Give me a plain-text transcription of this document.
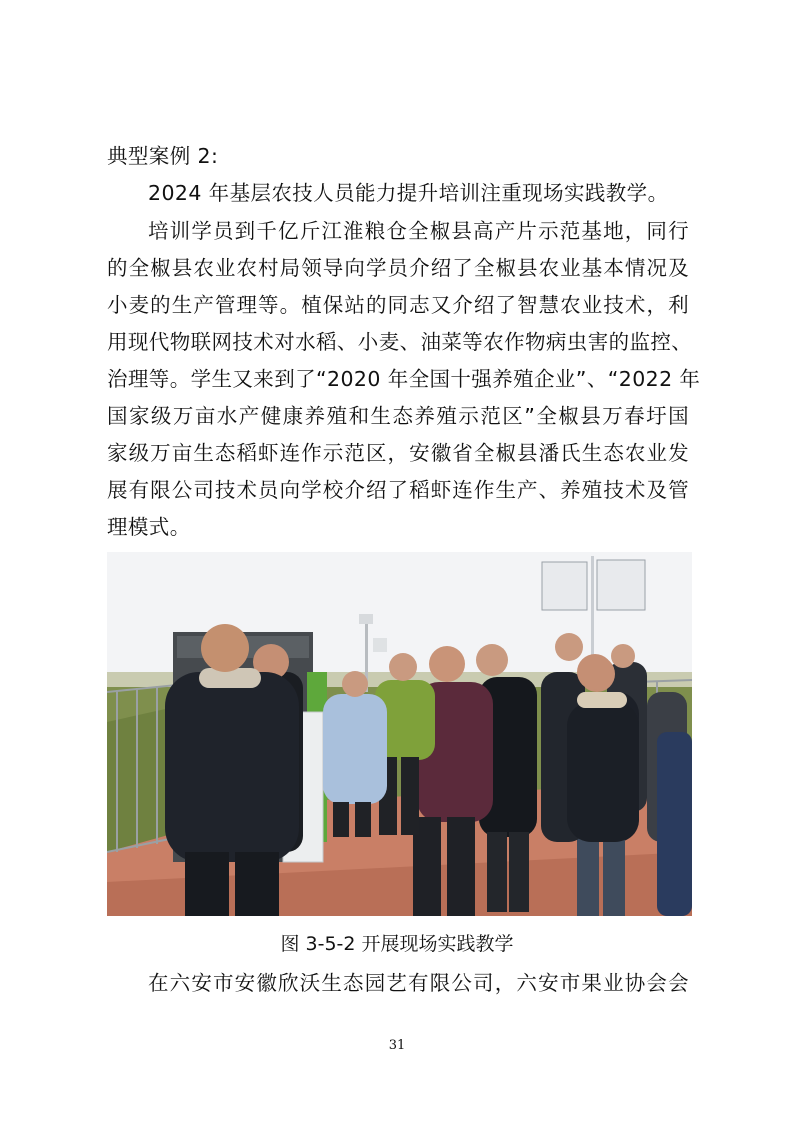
典型案例 2:
2024 年基层农技人员能力提升培训注重现场实践教学。
培训学员到千亿斤江淮粮仓全椒县高产片示范基地，同行
的全椒县农业农村局领导向学员介绍了全椒县农业基本情况及
小麦的生产管理等。植保站的同志又介绍了智慧农业技术，利
用现代物联网技术对水稻、小麦、油菜等农作物病虫害的监控、
治理等。学生又来到了“2020 年全国十强养殖企业”、“2022 年
国家级万亩水产健康养殖和生态养殖示范区”全椒县万春圩国
家级万亩生态稻虾连作示范区，安徽省全椒县潘氏生态农业发
展有限公司技术员向学校介绍了稻虾连作生产、养殖技术及管
理模式。
图 3-5-2 开展现场实践教学
在六安市安徽欣沃生态园艺有限公司，六安市果业协会会
31
